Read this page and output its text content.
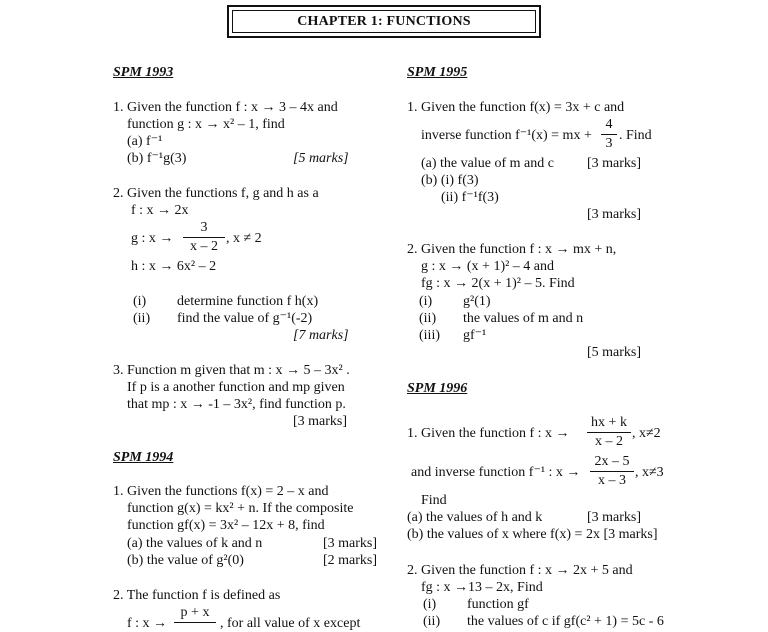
CHAPTER 1: FUNCTIONS
SPM 1993
1. Given the function f : x → 3 – 4x and
function g : x → x² – 1, find
(a) f⁻¹
(b) f⁻¹g(3)	[5 marks]
2. Given the functions f, g and h as a
f : x → 2x
g : x →
3
x – 2
, x ≠ 2
h : x → 6x² – 2
(i) determine function f h(x)
(ii) find the value of g⁻¹(-2)
[7 marks]
3. Function m given that m : x → 5 – 3x² .
If p is a another function and mp given
that mp : x → -1 – 3x², find function p.
[3 marks]
SPM 1994
1. Given the functions f(x) = 2 – x and
function g(x) = kx² + n. If the composite
function gf(x) = 3x² – 12x + 8, find
(a) the values of k and n	[3 marks]
(b) the value of g²(0)	[2 marks]
2. The function f is defined as
f : x →
p + x
, for all value of x except
SPM 1995
1. Given the function f(x) = 3x + c and
inverse function f⁻¹(x) = mx +
4
3
. Find
(a) the value of m and c [3 marks]
(b) (i) f(3)
(ii) f⁻¹f(3)
[3 marks]
2. Given the function f : x → mx + n,
g : x → (x + 1)² – 4 and
fg : x → 2(x + 1)² – 5. Find
(i) g²(1)
(ii) the values of m and n
(iii) gf⁻¹
[5 marks]
SPM 1996
1. Given the function f : x →
hx + k
x – 2
, x≠2
and inverse function f⁻¹ : x →
2x – 5
x – 3
, x≠3
Find
(a) the values of h and k	[3 marks]
(b) the values of x where f(x) = 2x [3 marks]
2. Given the function f : x → 2x + 5 and
fg : x →13 – 2x, Find
(i) function gf
(ii) the values of c if gf(c² + 1) = 5c - 6
